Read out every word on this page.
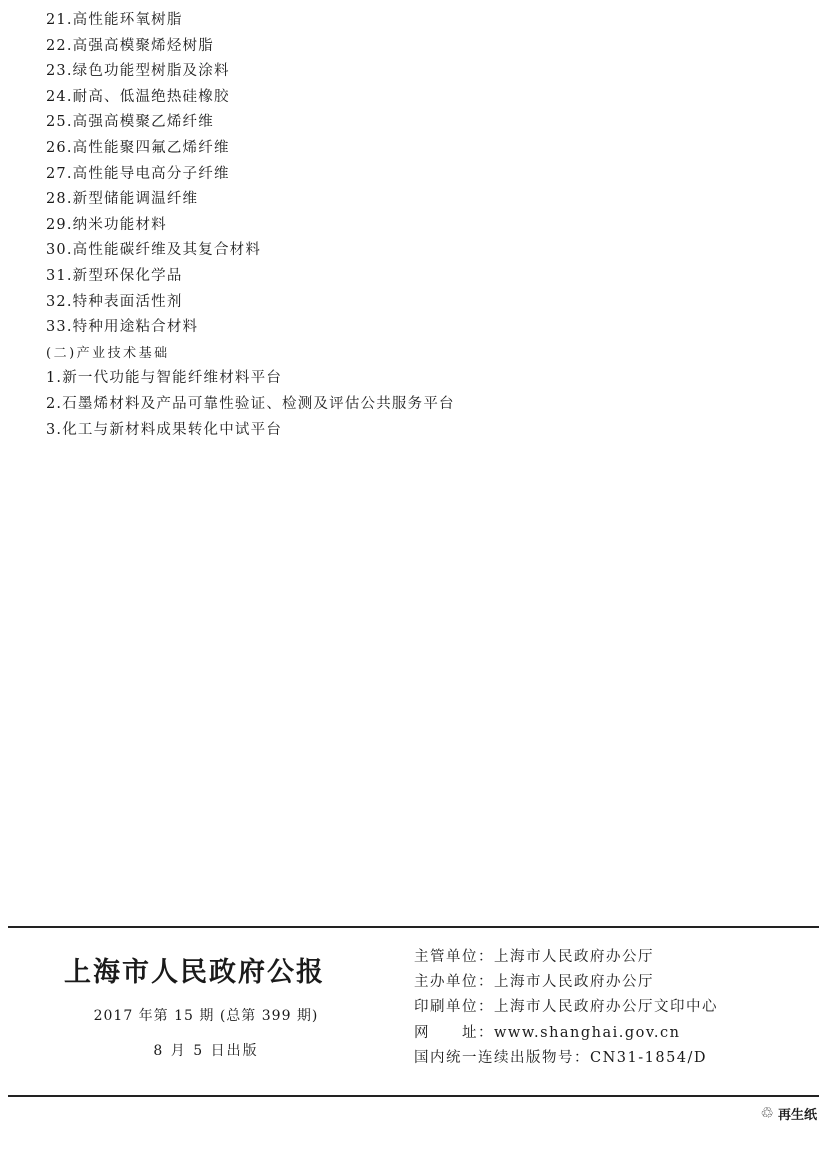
21.高性能环氧树脂
22.高强高模聚烯烃树脂
23.绿色功能型树脂及涂料
24.耐高、低温绝热硅橡胶
25.高强高模聚乙烯纤维
26.高性能聚四氟乙烯纤维
27.高性能导电高分子纤维
28.新型储能调温纤维
29.纳米功能材料
30.高性能碳纤维及其复合材料
31.新型环保化学品
32.特种表面活性剂
33.特种用途粘合材料
(二)产业技术基础
1.新一代功能与智能纤维材料平台
2.石墨烯材料及产品可靠性验证、检测及评估公共服务平台
3.化工与新材料成果转化中试平台
上海市人民政府公报
2017 年第 15 期 (总第 399 期)
8 月 5 日出版
主管单位：上海市人民政府办公厅
主办单位：上海市人民政府办公厅
印刷单位：上海市人民政府办公厅文印中心
网　　址：www.shanghai.gov.cn
国内统一连续出版物号：CN31-1854/D
♲ 再生纸
